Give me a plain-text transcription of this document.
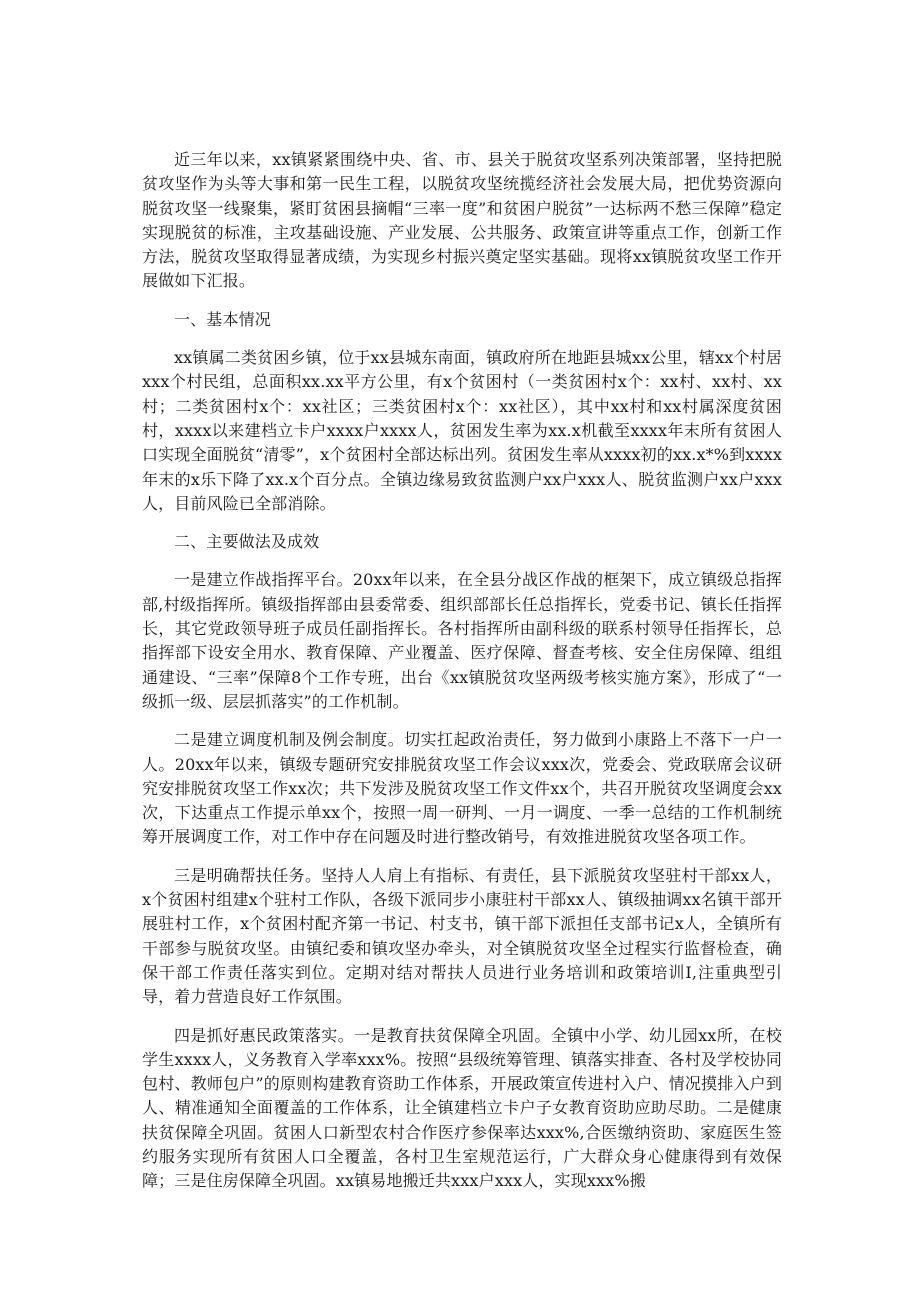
近三年以来，xx镇紧紧围绕中央、省、市、县关于脱贫攻坚系列决策部署，坚持把脱贫攻坚作为头等大事和第一民生工程，以脱贫攻坚统揽经济社会发展大局，把优势资源向脱贫攻坚一线聚集，紧盯贫困县摘帽“三率一度”和贫困户脱贫”一达标两不愁三保障”稳定实现脱贫的标准，主攻基础设施、产业发展、公共服务、政策宣讲等重点工作，创新工作方法，脱贫攻坚取得显著成绩，为实现乡村振兴奠定坚实基础。现将xx镇脱贫攻坚工作开展做如下汇报。

一、基本情况

xx镇属二类贫困乡镇，位于xx县城东南面，镇政府所在地距县城xx公里，辖xx个村居xxx个村民组，总面积xx.xx平方公里，有x个贫困村（一类贫困村x个：xx村、xx村、xx村；二类贫困村x个：xx社区；三类贫困村x个：xx社区），其中xx村和xx村属深度贫困村，xxxx以来建档立卡户xxxx户xxxx人，贫困发生率为xx.x机截至xxxx年末所有贫困人口实现全面脱贫“清零”，x个贫困村全部达标出列。贫困发生率从xxxx初的xx.x*%到xxxx年末的x乐下降了xx.x个百分点。全镇边缘易致贫监测户xx户xxx人、脱贫监测户xx户xxx人，目前风险已全部消除。

二、主要做法及成效

一是建立作战指挥平台。20xx年以来，在全县分战区作战的框架下，成立镇级总指挥部,村级指挥所。镇级指挥部由县委常委、组织部部长任总指挥长，党委书记、镇长任指挥长，其它党政领导班子成员任副指挥长。各村指挥所由副科级的联系村领导任指挥长，总指挥部下设安全用水、教育保障、产业覆盖、医疗保障、督查考核、安全住房保障、组组通建设、“三率”保障8个工作专班，出台《xx镇脱贫攻坚两级考核实施方案》，形成了“一级抓一级、层层抓落实”的工作机制。

二是建立调度机制及例会制度。切实扛起政治责任，努力做到小康路上不落下一户一人。20xx年以来，镇级专题研究安排脱贫攻坚工作会议xxx次，党委会、党政联席会议研究安排脱贫攻坚工作xx次；共下发涉及脱贫攻坚工作文件xx个，共召开脱贫攻坚调度会xx次，下达重点工作提示单xx个，按照一周一研判、一月一调度、一季一总结的工作机制统筹开展调度工作，对工作中存在问题及时进行整改销号，有效推进脱贫攻坚各项工作。

三是明确帮扶任务。坚持人人肩上有指标、有责任，县下派脱贫攻坚驻村干部xx人，x个贫困村组建x个驻村工作队，各级下派同步小康驻村干部xx人、镇级抽调xx名镇干部开展驻村工作，x个贫困村配齐第一书记、村支书，镇干部下派担任支部书记x人，全镇所有干部参与脱贫攻坚。由镇纪委和镇攻坚办牵头，对全镇脱贫攻坚全过程实行监督检查，确保干部工作责任落实到位。定期对结对帮扶人员进行业务培训和政策培训I,注重典型引导，着力营造良好工作氛围。

四是抓好惠民政策落实。一是教育扶贫保障全巩固。全镇中小学、幼儿园xx所，在校学生xxxx人，义务教育入学率xxx%。按照“县级统筹管理、镇落实排查、各村及学校协同包村、教师包户”的原则构建教育资助工作体系，开展政策宣传进村入户、情况摸排入户到人、精准通知全面覆盖的工作体系，让全镇建档立卡户子女教育资助应助尽助。二是健康扶贫保障全巩固。贫困人口新型农村合作医疗参保率达xxx%,合医缴纳资助、家庭医生签约服务实现所有贫困人口全覆盖，各村卫生室规范运行，广大群众身心健康得到有效保障；三是住房保障全巩固。xx镇易地搬迁共xxx户xxx人，实现xxx%搬
